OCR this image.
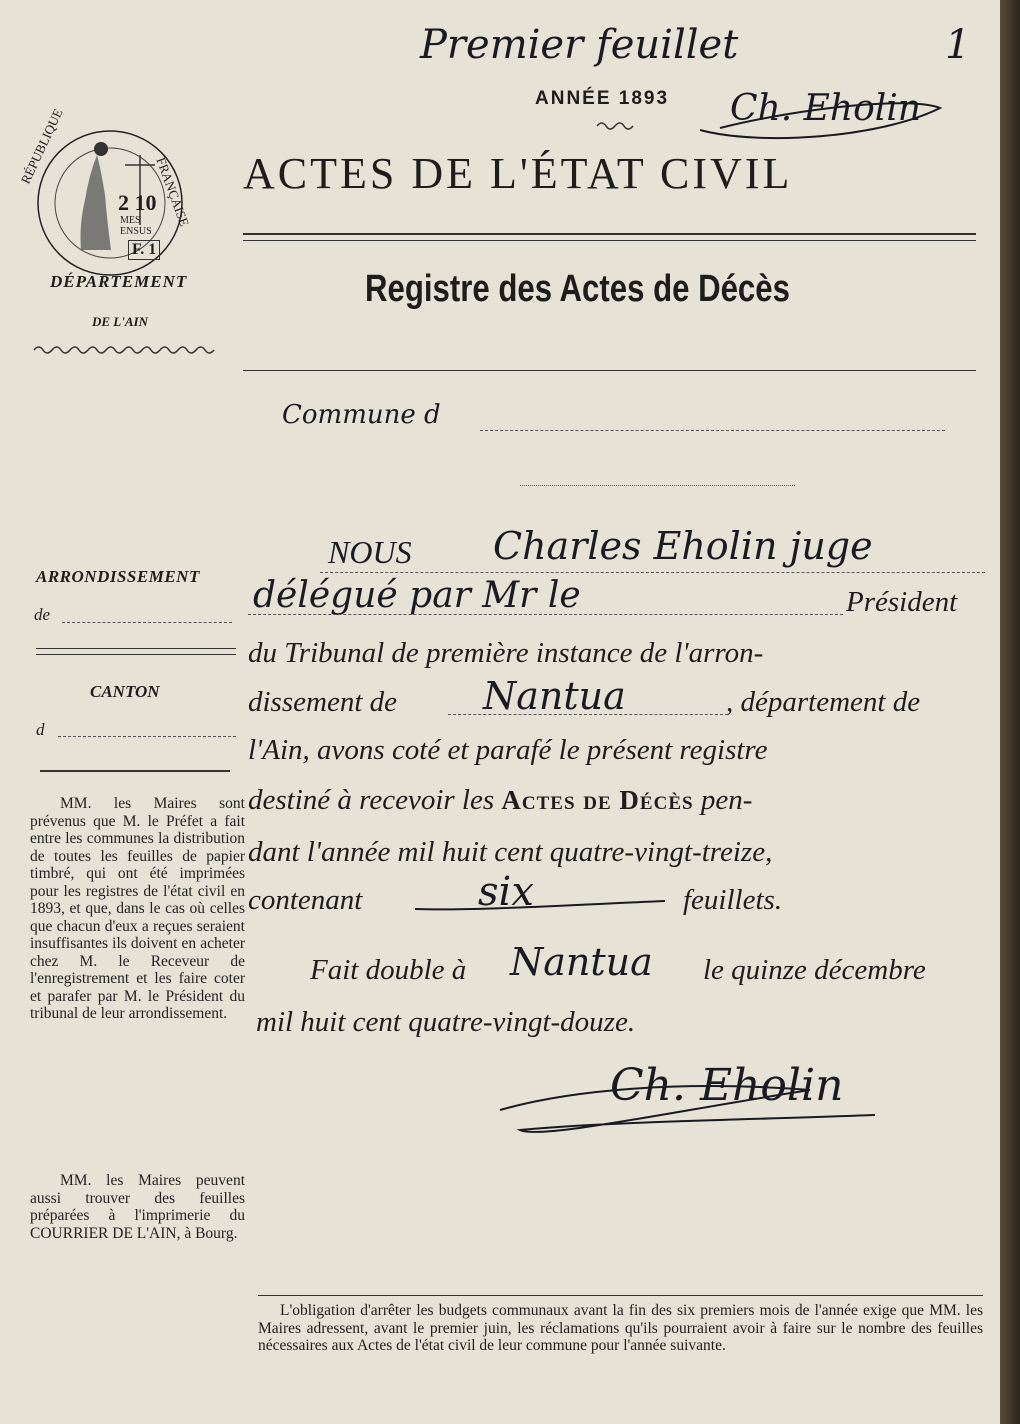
Premier feuillet	1
ANNÉE 1893 Ch. Eholin
ACTES DE L'ÉTAT CIVIL
Registre des Actes de Décès
Commune d
RÉPUBLIQUE
FRANÇAISE
2 10
MES ENSUS
F. 1
DÉPARTEMENT
DE L'AIN
ARRONDISSEMENT
de
CANTON
d
MM. les Maires sont prévenus que M. le Préfet a fait entre les communes la distribution de toutes les feuilles de papier timbré, qui ont été imprimées pour les registres de l'état civil en 1893, et que, dans le cas où celles que chacun d'eux a reçues seraient insuffisantes ils doivent en acheter chez M. le Receveur de l'enregistrement et les faire coter et parafer par M. le Président du tribunal de leur arrondissement.
MM. les Maires peuvent aussi trouver des feuilles préparées à l'imprimerie du COURRIER DE L'AIN, à Bourg.
NOUS Charles Eholin juge
délégué par Mr le	Président
du Tribunal de première instance de l'arron-
dissement de Nantua	, département de
l'Ain, avons coté et parafé le présent registre
destiné à recevoir les Actes de Décès pen-
dant l'année mil huit cent quatre-vingt-treize,
contenant	six	feuillets.
Fait double à Nantua le quinze décembre
mil huit cent quatre-vingt-douze.
Ch. Eholin
L'obligation d'arrêter les budgets communaux avant la fin des six premiers mois de l'année exige que MM. les Maires adressent, avant le premier juin, les réclamations qu'ils pourraient avoir à faire sur le nombre des feuilles nécessaires aux Actes de l'état civil de leur commune pour l'année suivante.
